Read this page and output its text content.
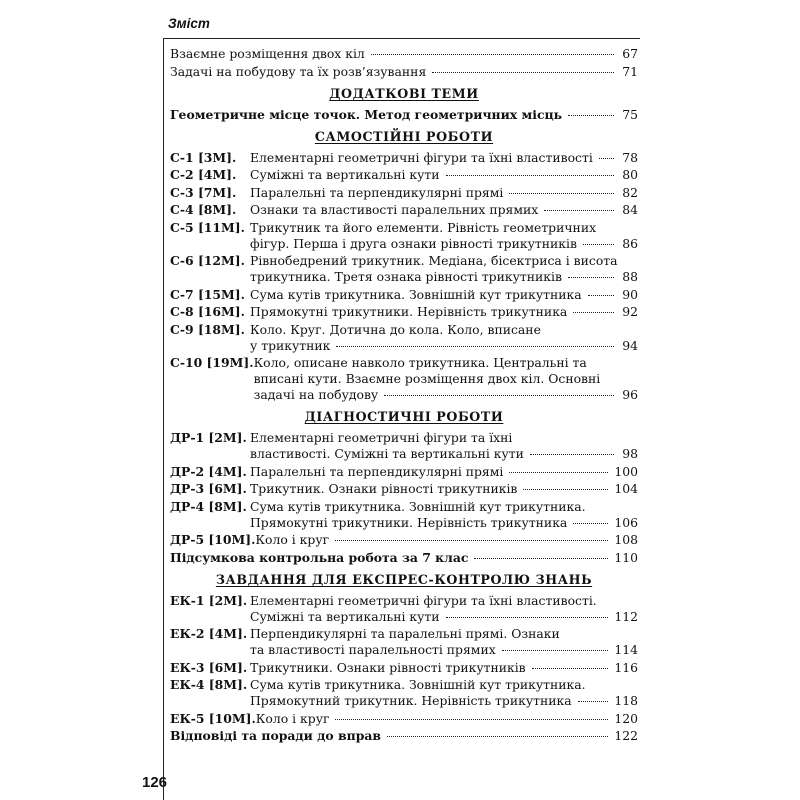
Зміст
126
Взаємне розміщення двох кіл	67
Задачі на побудову та їх розв’язування	71
ДОДАТКОВІ ТЕМИ
Геометричне місце точок. Метод геометричних місць	75
САМОСТІЙНІ РОБОТИ
С-1 [3М].	Елементарні геометричні фігури та їхні властивості 78
С-2 [4М].	Суміжні та вертикальні кути	80
С-3 [7М].	Паралельні та перпендикулярні прямі	82
С-4 [8М].	Ознаки та властивості паралельних прямих	84
С-5 [11М]. Трикутник та його елементи. Рівність геометричних
фігур. Перша і друга ознаки рівності трикутників	86
С-6 [12М]. Рівнобедрений трикутник. Медіана, бісектриса і висота
трикутника. Третя ознака рівності трикутників	88
С-7 [15М]. Сума кутів трикутника. Зовнішній кут трикутника	90
С-8 [16М]. Прямокутні трикутники. Нерівність трикутника	92
С-9 [18М]. Коло. Круг. Дотична до кола. Коло, вписане
у трикутник	94
С-10 [19М]. Коло, описане навколо трикутника. Центральні та
вписані кути. Взаємне розміщення двох кіл. Основні
задачі на побудову	96
ДІАГНОСТИЧНІ РОБОТИ
ДР-1 [2М]. Елементарні геометричні фігури та їхні
властивості. Суміжні та вертикальні кути	98
ДР-2 [4М]. Паралельні та перпендикулярні прямі	100
ДР-3 [6М]. Трикутник. Ознаки рівності трикутників	104
ДР-4 [8М]. Сума кутів трикутника. Зовнішній кут трикутника.
Прямокутні трикутники. Нерівність трикутника	106
ДР-5 [10М]. Коло і круг	108
Підсумкова контрольна робота за 7 клас	110
ЗАВДАННЯ ДЛЯ ЕКСПРЕС-КОНТРОЛЮ ЗНАНЬ
ЕК-1 [2М]. Елементарні геометричні фігури та їхні властивості.
Суміжні та вертикальні кути	112
ЕК-2 [4М]. Перпендикулярні та паралельні прямі. Ознаки
та властивості паралельності прямих	114
ЕК-3 [6М]. Трикутники. Ознаки рівності трикутників	116
ЕК-4 [8М]. Сума кутів трикутника. Зовнішній кут трикутника.
Прямокутний трикутник. Нерівність трикутника	118
ЕК-5 [10М]. Коло і круг	120
Відповіді та поради до вправ	122
